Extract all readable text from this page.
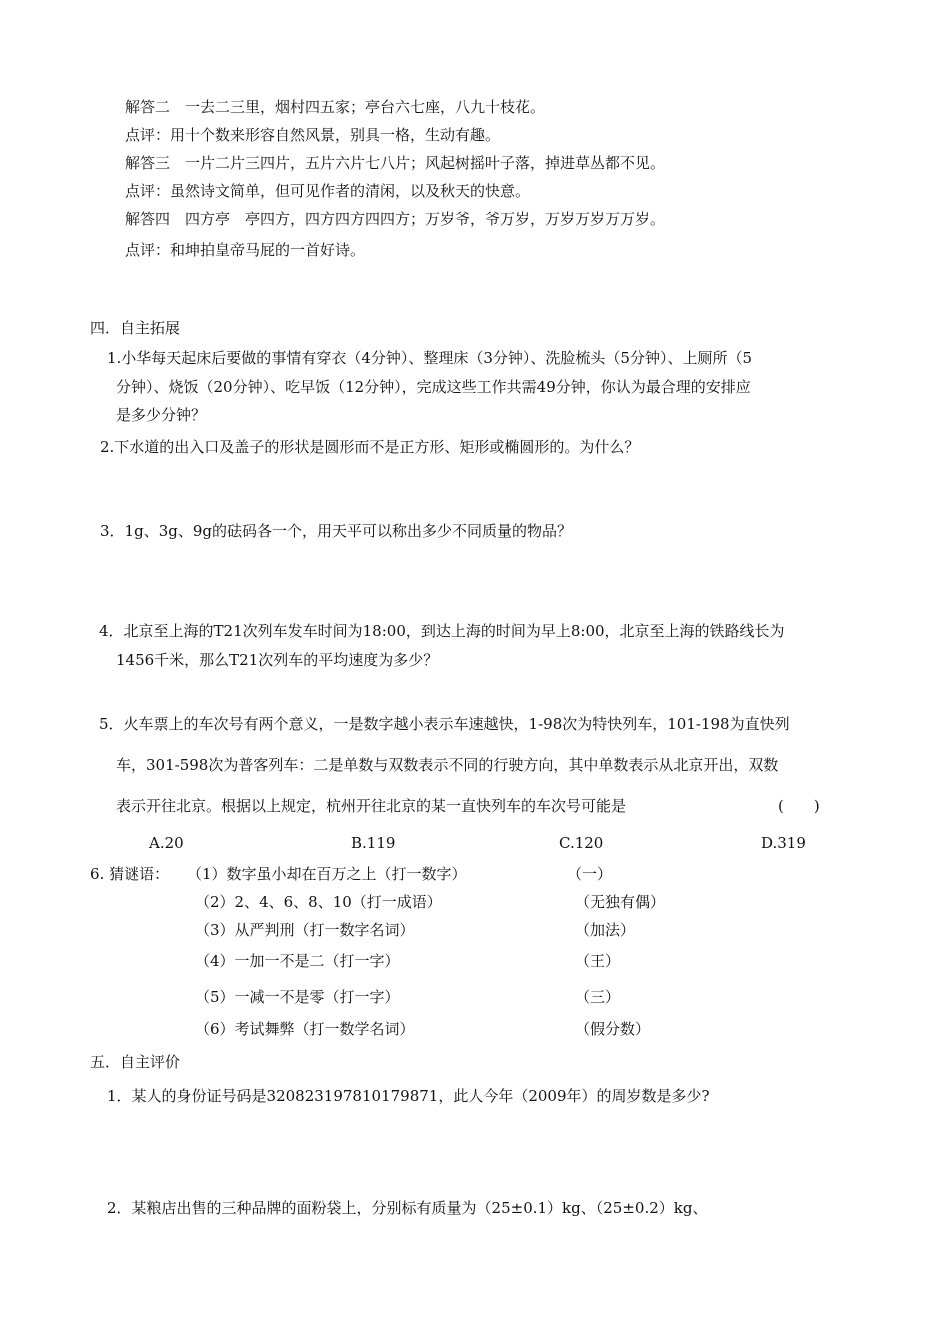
解答二　一去二三里，烟村四五家；亭台六七座，八九十枝花。
点评：用十个数来形容自然风景，别具一格，生动有趣。
解答三　一片二片三四片，五片六片七八片；风起树摇叶子落，掉进草丛都不见。
点评：虽然诗文简单，但可见作者的清闲，以及秋天的快意。
解答四　四方亭　亭四方，四方四方四四方；万岁爷，爷万岁，万岁万岁万万岁。
点评：和坤拍皇帝马屁的一首好诗。
四．自主拓展
1.小华每天起床后要做的事情有穿衣（4分钟）、整理床（3分钟）、洗脸梳头（5分钟）、上厕所（5
分钟）、烧饭（20分钟）、吃早饭（12分钟），完成这些工作共需49分钟，你认为最合理的安排应
是多少分钟？
2.下水道的出入口及盖子的形状是圆形而不是正方形、矩形或椭圆形的。为什么？
3．1g、3g、9g的砝码各一个，用天平可以称出多少不同质量的物品？
4．北京至上海的T21次列车发车时间为18:00，到达上海的时间为早上8:00，北京至上海的铁路线长为
1456千米，那么T21次列车的平均速度为多少？
5．火车票上的车次号有两个意义，一是数字越小表示车速越快，1-98次为特快列车，101-198为直快列
车，301-598次为普客列车：二是单数与双数表示不同的行驶方向，其中单数表示从北京开出，双数
表示开往北京。根据以上规定，杭州开往北京的某一直快列车的车次号可能是	(　　)
A.20	B.119	C.120	D.319
6. 猜谜语： （1）数字虽小却在百万之上（打一数字）	（一）
（2）2、4、6、8、10（打一成语）	（无独有偶）
（3）从严判刑（打一数字名词）	（加法）
（4）一加一不是二（打一字）	（王）
（5）一减一不是零（打一字）	（三）
（6）考试舞弊（打一数学名词）	（假分数）
五．自主评价
1．某人的身份证号码是320823197810179871，此人今年（2009年）的周岁数是多少?
2．某粮店出售的三种品牌的面粉袋上，分别标有质量为（25±0.1）kg、（25±0.2）kg、
